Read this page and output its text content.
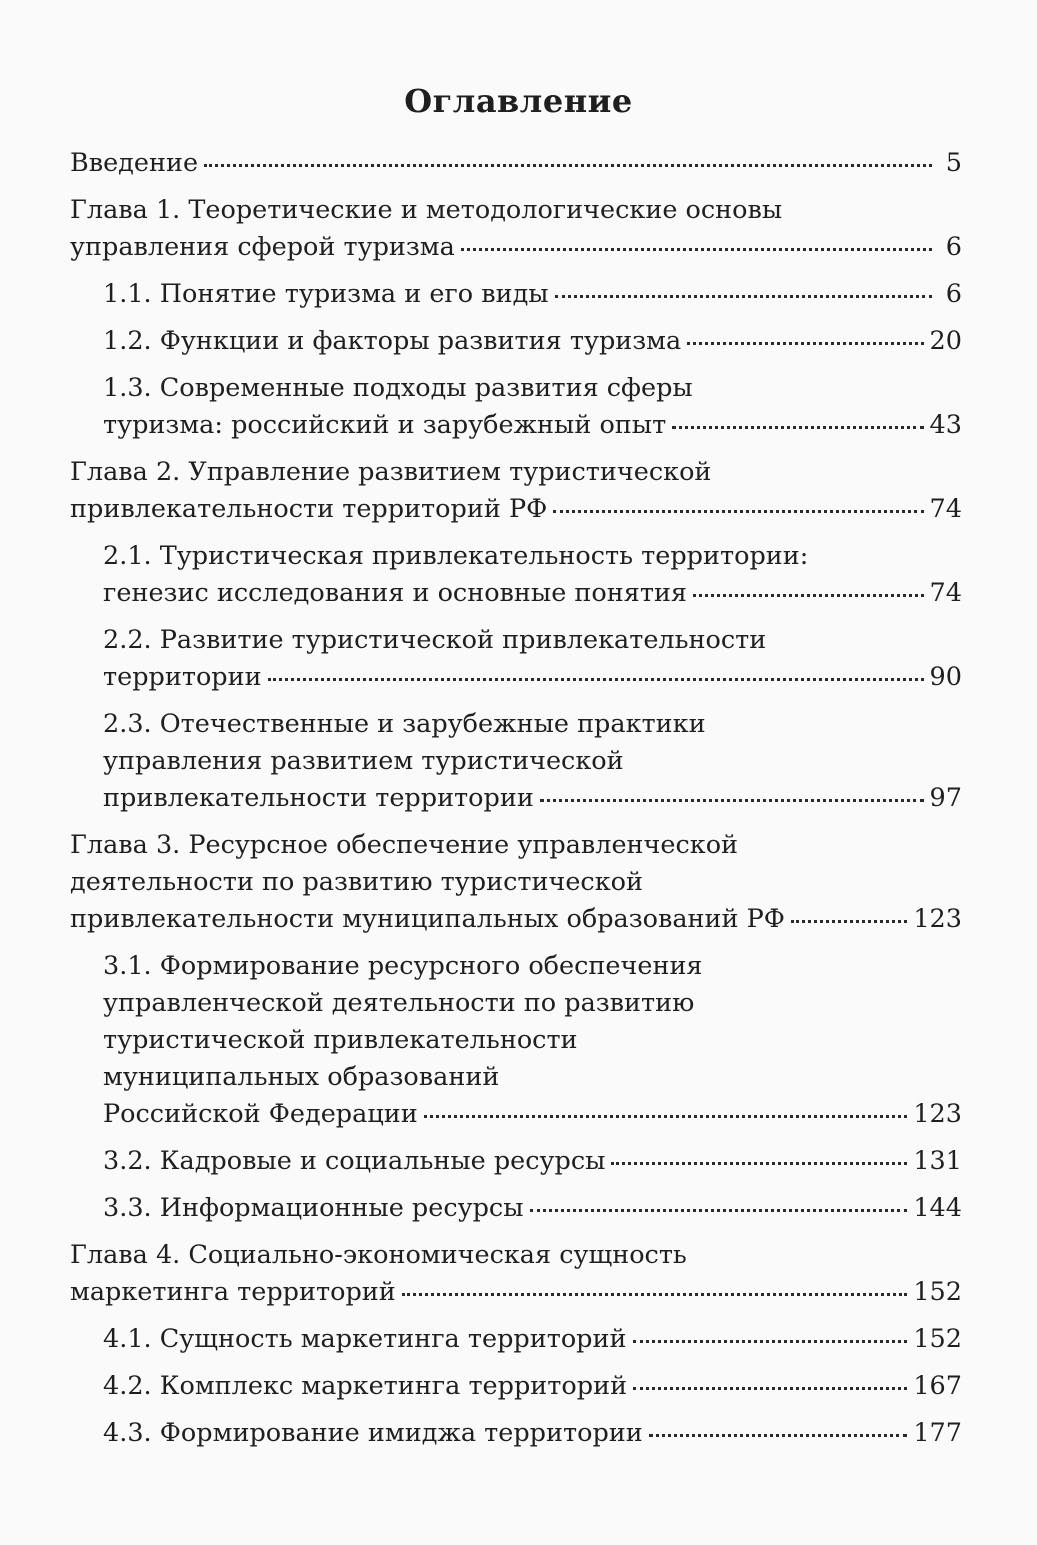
Оглавление
Введение	5
Глава 1. Теоретические и методологические основы
управления сферой туризма	6
1.1. Понятие туризма и его виды	6
1.2. Функции и факторы развития туризма	20
1.3. Современные подходы развития сферы
туризма: российский и зарубежный опыт	43
Глава 2. Управление развитием туристической
привлекательности территорий РФ	74
2.1. Туристическая привлекательность территории:
генезис исследования и основные понятия	74
2.2. Развитие туристической привлекательности
территории	90
2.3. Отечественные и зарубежные практики
управления развитием туристической
привлекательности территории	97
Глава 3. Ресурсное обеспечение управленческой
деятельности по развитию туристической
привлекательности муниципальных образований РФ	123
3.1. Формирование ресурсного обеспечения
управленческой деятельности по развитию
туристической привлекательности
муниципальных образований
Российской Федерации	123
3.2. Кадровые и социальные ресурсы	131
3.3. Информационные ресурсы	144
Глава 4. Социально-экономическая сущность
маркетинга территорий	152
4.1. Сущность маркетинга территорий	152
4.2. Комплекс маркетинга территорий	167
4.3. Формирование имиджа территории	177
